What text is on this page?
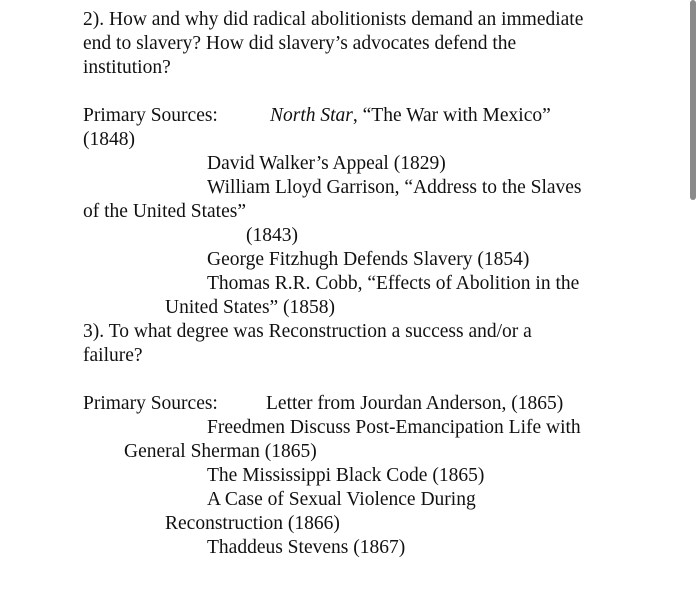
2). How and why did radical abolitionists demand an immediate
end to slavery? How did slavery’s advocates defend the
institution?
Primary Sources:	North Star, “The War with Mexico”
(1848)
David Walker’s Appeal (1829)
William Lloyd Garrison, “Address to the Slaves
of the United States”
(1843)
George Fitzhugh Defends Slavery (1854)
Thomas R.R. Cobb, “Effects of Abolition in the
United States” (1858)
3). To what degree was Reconstruction a success and/or a
failure?
Primary Sources: Letter from Jourdan Anderson, (1865)
Freedmen Discuss Post-Emancipation Life with
General Sherman (1865)
The Mississippi Black Code (1865)
A Case of Sexual Violence During
Reconstruction (1866)
Thaddeus Stevens (1867)
